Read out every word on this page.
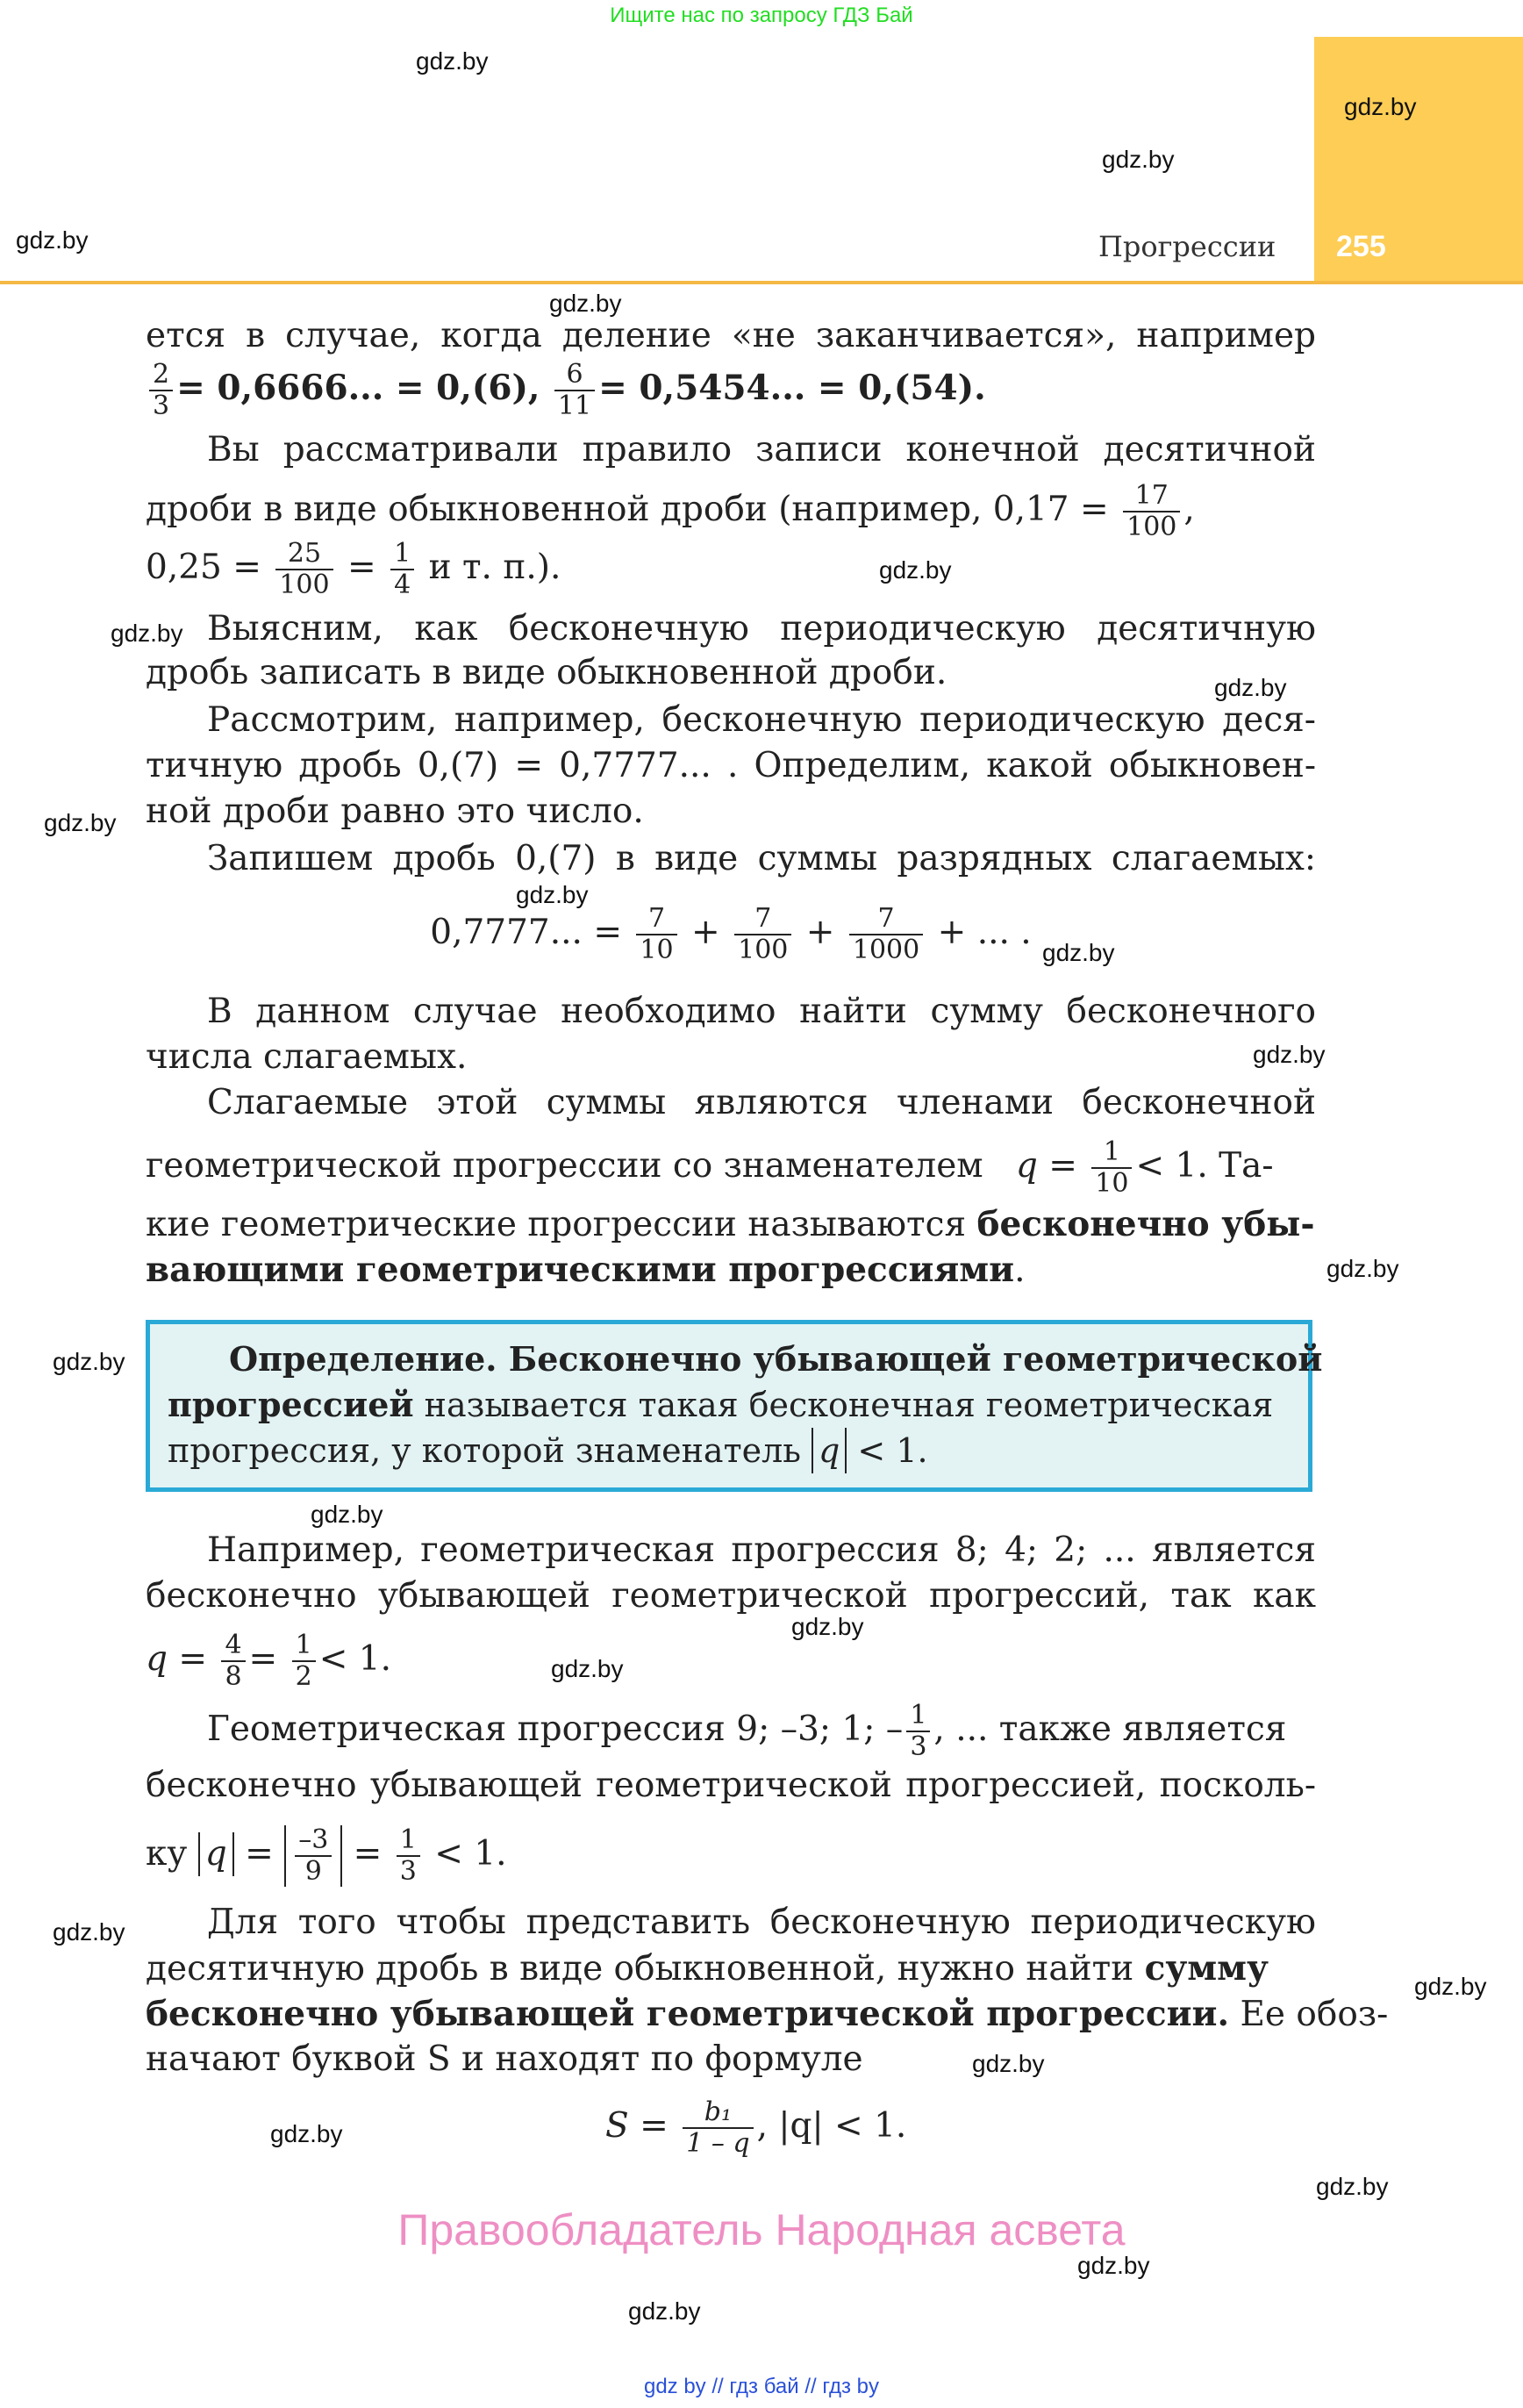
Ищите нас по запросу ГДЗ Бай
255
Прогрессии
gdz.by
gdz.by
gdz.by
gdz.by
gdz.by
gdz.by
gdz.by
gdz.by
gdz.by
gdz.by
gdz.by
gdz.by
gdz.by
gdz.by
gdz.by
gdz.by
gdz.by
gdz.by
gdz.by
gdz.by
gdz.by
gdz.by
gdz.by
gdz.by
ется в случае, когда деление «не заканчивается», например
$\frac{2}{3} = 0,6666$... = 0,(6), $\frac{6}{11} = 0,5454$... = 0,(54).
Вы рассматривали правило записи конечной десятичной
дроби в виде обыкновенной дроби (например, $0,17 = \frac{17}{100}$ ,
$0,25 = \frac{25}{100} = \frac{1}{4}$ и т. п.).
Выясним, как бесконечную периодическую десятичную
дробь записать в виде обыкновенной дроби.
Рассмотрим, например, бесконечную периодическую деся-
тичную дробь 0,(7) = 0,7777... . Определим, какой обыкновен-
ной дроби равно это число.
Запишем дробь 0,(7) в виде суммы разрядных слагаемых:
0,7777... = $\frac{7}{10} + \frac{7}{100} + \frac{7}{1000}$ + ... .
В данном случае необходимо найти сумму бесконечного
числа слагаемых.
Слагаемые этой суммы являются членами бесконечной
геометрической прогрессии со знаменателем $q = \frac{1}{10} < 1$. Та-
кие геометрические прогрессии называются бесконечно убы-
вающими геометрическими прогрессиями.
Определение. Бесконечно убывающей геометрической
прогрессией называется такая бесконечная геометрическая
прогрессия, у которой знаменатель q < 1.
Например, геометрическая прогрессия 8; 4; 2; ... является
бесконечно убывающей геометрической прогрессий, так как
$q = \frac{4}{8} = \frac{1}{2} < 1$.
Геометрическая прогрессия 9; –3; 1; – $\frac{1}{3}$ , ... также является
бесконечно убывающей геометрической прогрессией, посколь-
ку $q = \frac{-3}{9} = \frac{1}{3} < 1$.
Для того чтобы представить бесконечную периодическую
десятичную дробь в виде обыкновенной, нужно найти сумму
бесконечно убывающей геометрической прогрессии. Ее обоз-
начают буквой S и находят по формуле
$S = \frac{\text{b₁}}{1 - q}$ , |q| < 1.
Правообладатель Народная асвета
gdz by // гдз бай // гдз by
